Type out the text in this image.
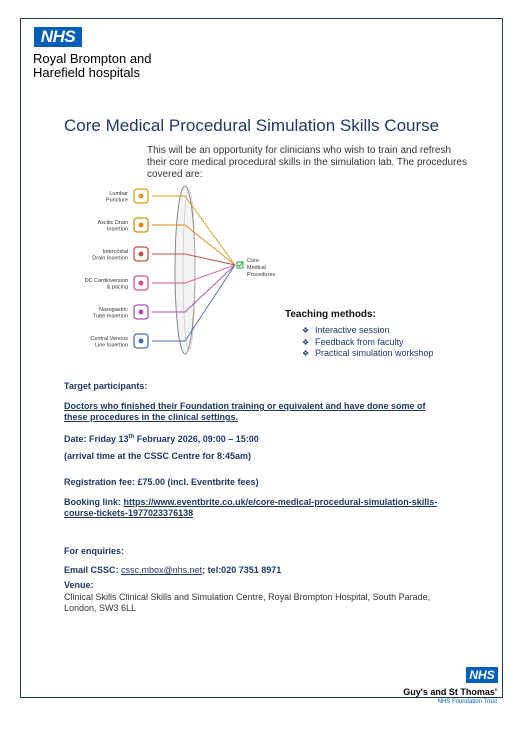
NHS
Royal Brompton and
Harefield hospitals
Core Medical Procedural Simulation Skills Course
This will be an opportunity for clinicians who wish to train and refresh their core medical procedural skills in the simulation lab. The procedures covered are:
Lumbar
Puncture
Ascitic Drain
Insertion
Intercostal
Drain Insertion
DC Cardioversion
& pacing
Nasogastric
Tube Insertion
Central Venous
Line Insertion
Core
Medical
Procedures
Teaching methods:
❖ Interactive session
❖ Feedback from faculty
❖ Practical simulation workshop
Target participants:
Doctors who finished their Foundation training or equivalent and have done some of
these procedures in the clinical settings.
Date: Friday 13th February 2026, 09:00 – 15:00
(arrival time at the CSSC Centre for 8:45am)
Registration fee: £75.00 (incl. Eventbrite fees)
Booking link: https://www.eventbrite.co.uk/e/core-medical-procedural-simulation-skills-
course-tickets-1977023376138
For enquiries:
Email CSSC: cssc.mbox@nhs.net; tel:020 7351 8971
Venue:
Clinical Skills Clinical Skills and Simulation Centre, Royal Brompton Hospital, South Parade,
London, SW3 6LL
NHS
Guy's and St Thomas'
NHS Foundation Trust
